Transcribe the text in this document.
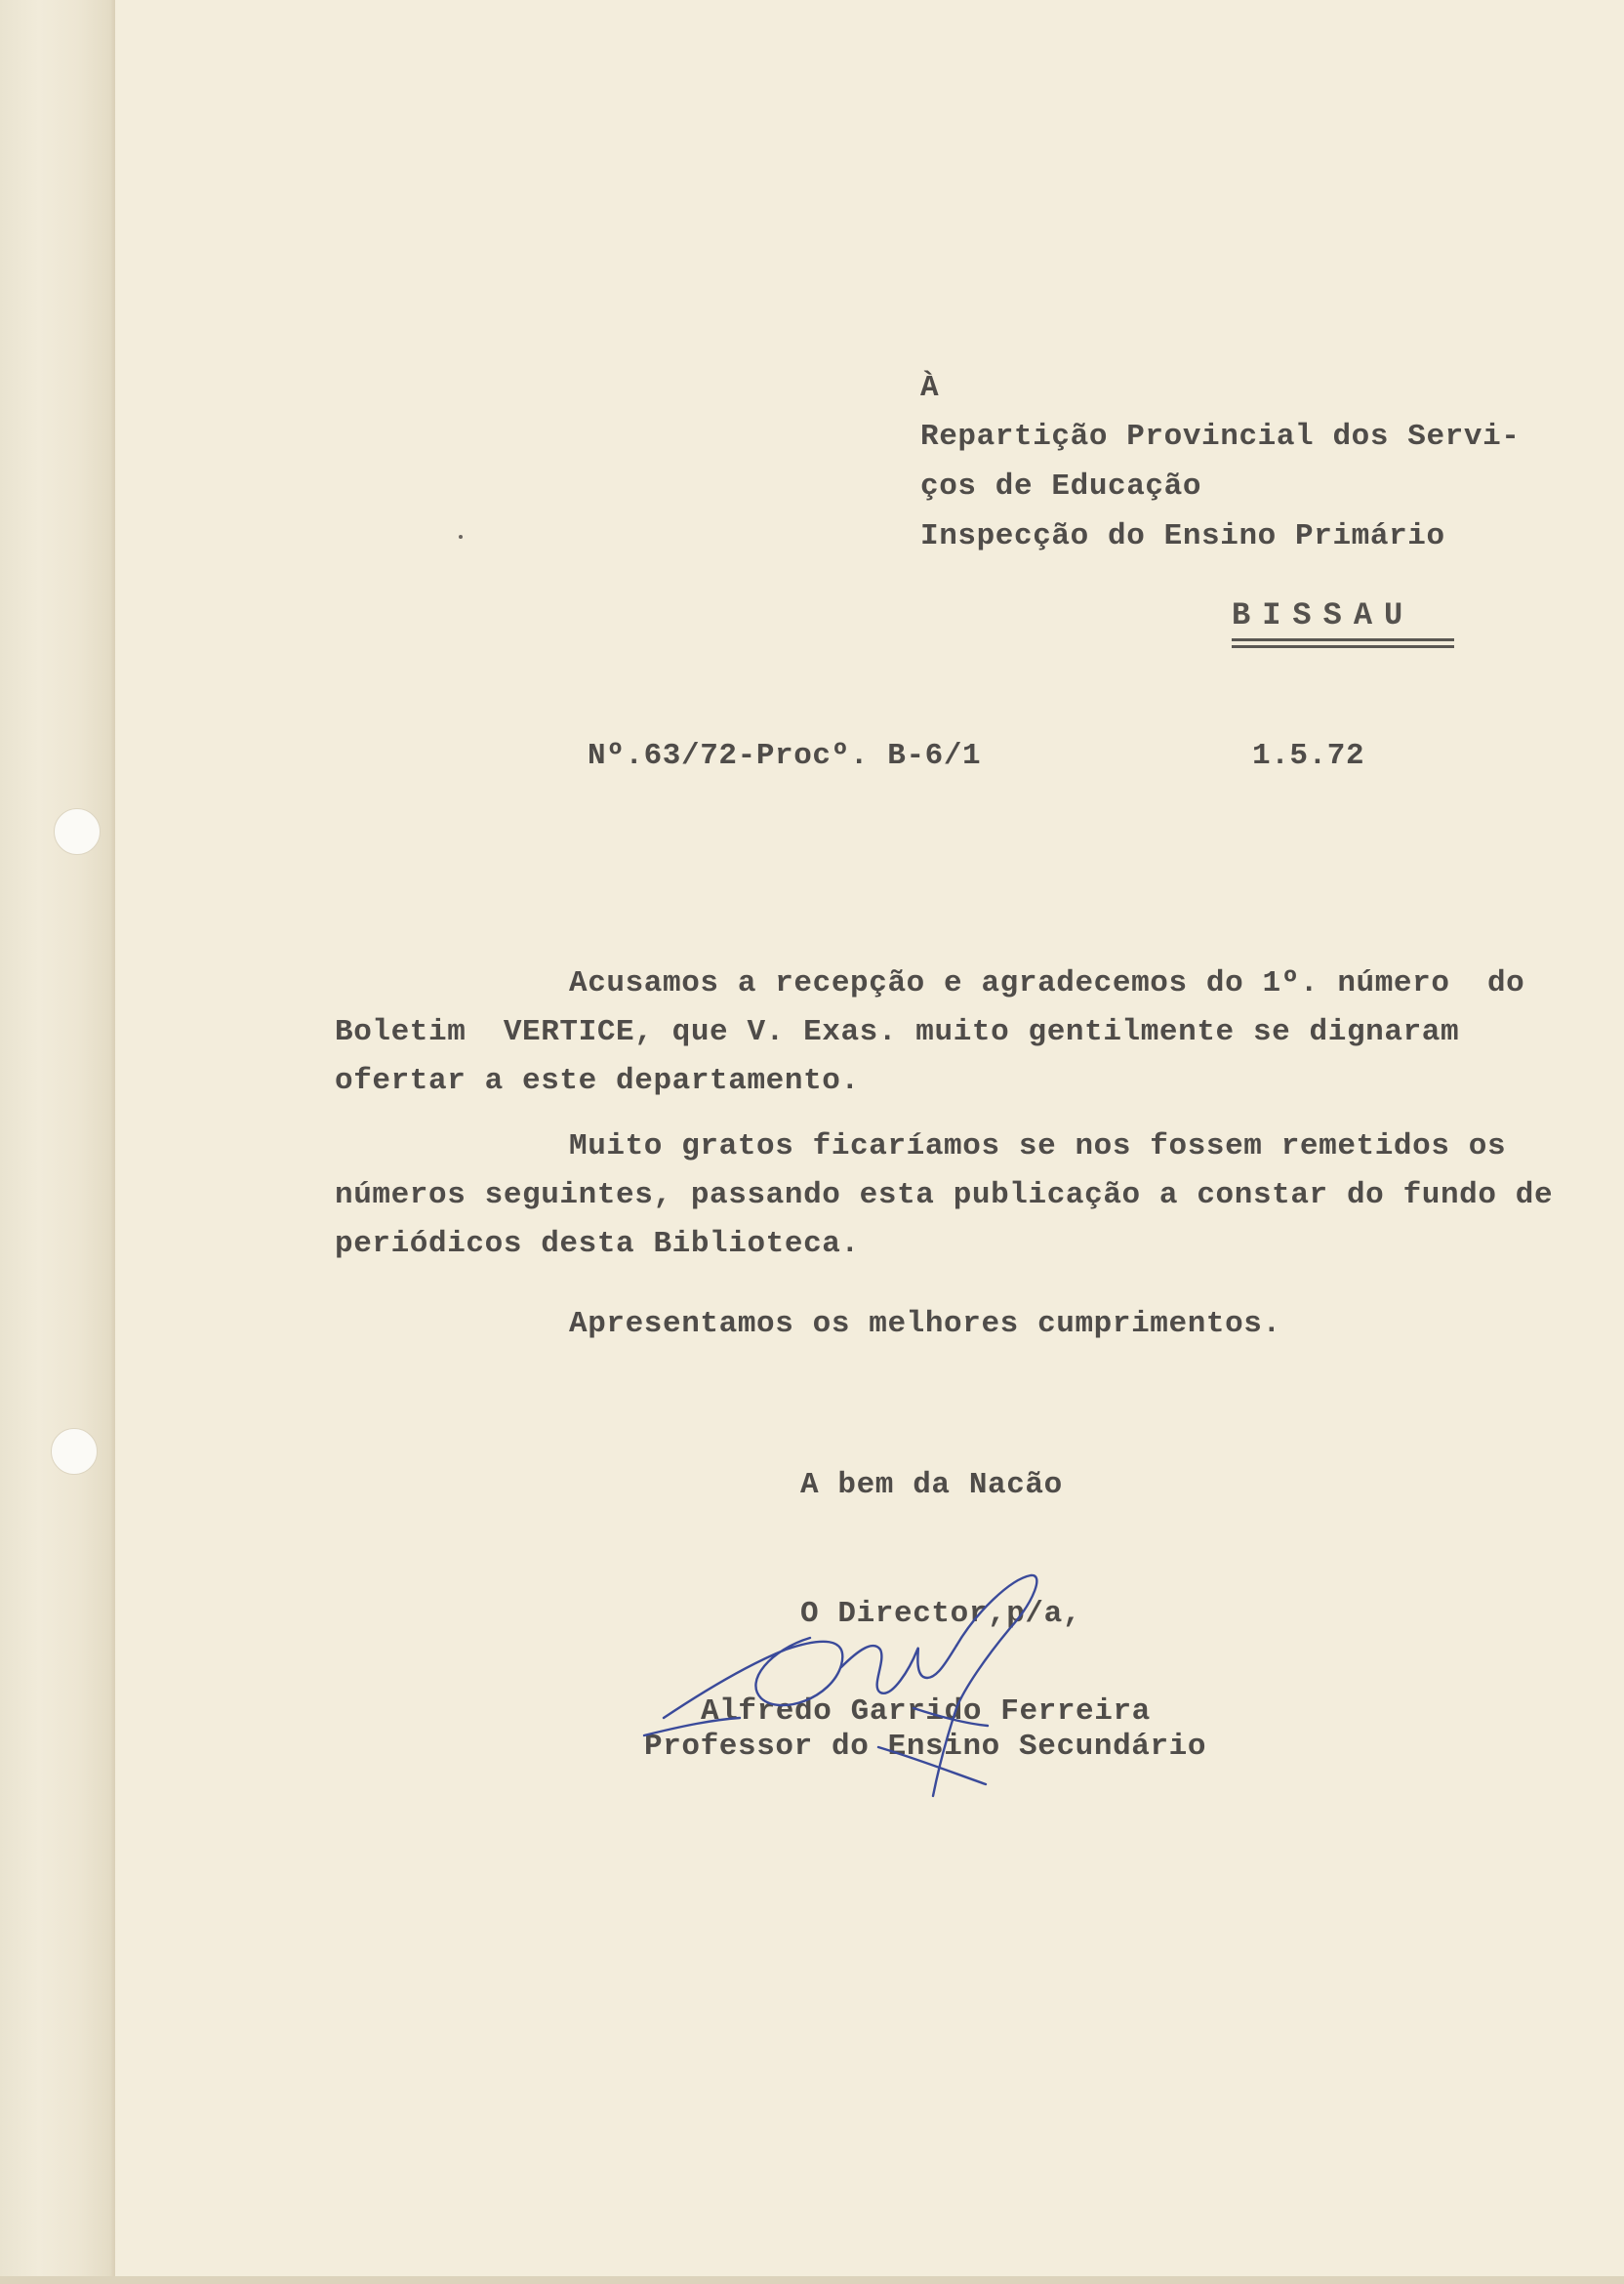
À
Repartição Provincial dos Servi-
ços de Educação
Inspecção do Ensino Primário
BISSAU
Nº.63/72-Procº. B-6/1	1.5.72
Acusamos a recepção e agradecemos do 1º. número  do
Boletim  VERTICE, que V. Exas. muito gentilmente se dignaram
ofertar a este departamento.
Muito gratos ficaríamos se nos fossem remetidos os
números seguintes, passando esta publicação a constar do fundo de
periódicos desta Biblioteca.
Apresentamos os melhores cumprimentos.
A bem da Nacão
O Director,p/a,
Alfredo Garrido Ferreira
Professor do Ensino Secundário
